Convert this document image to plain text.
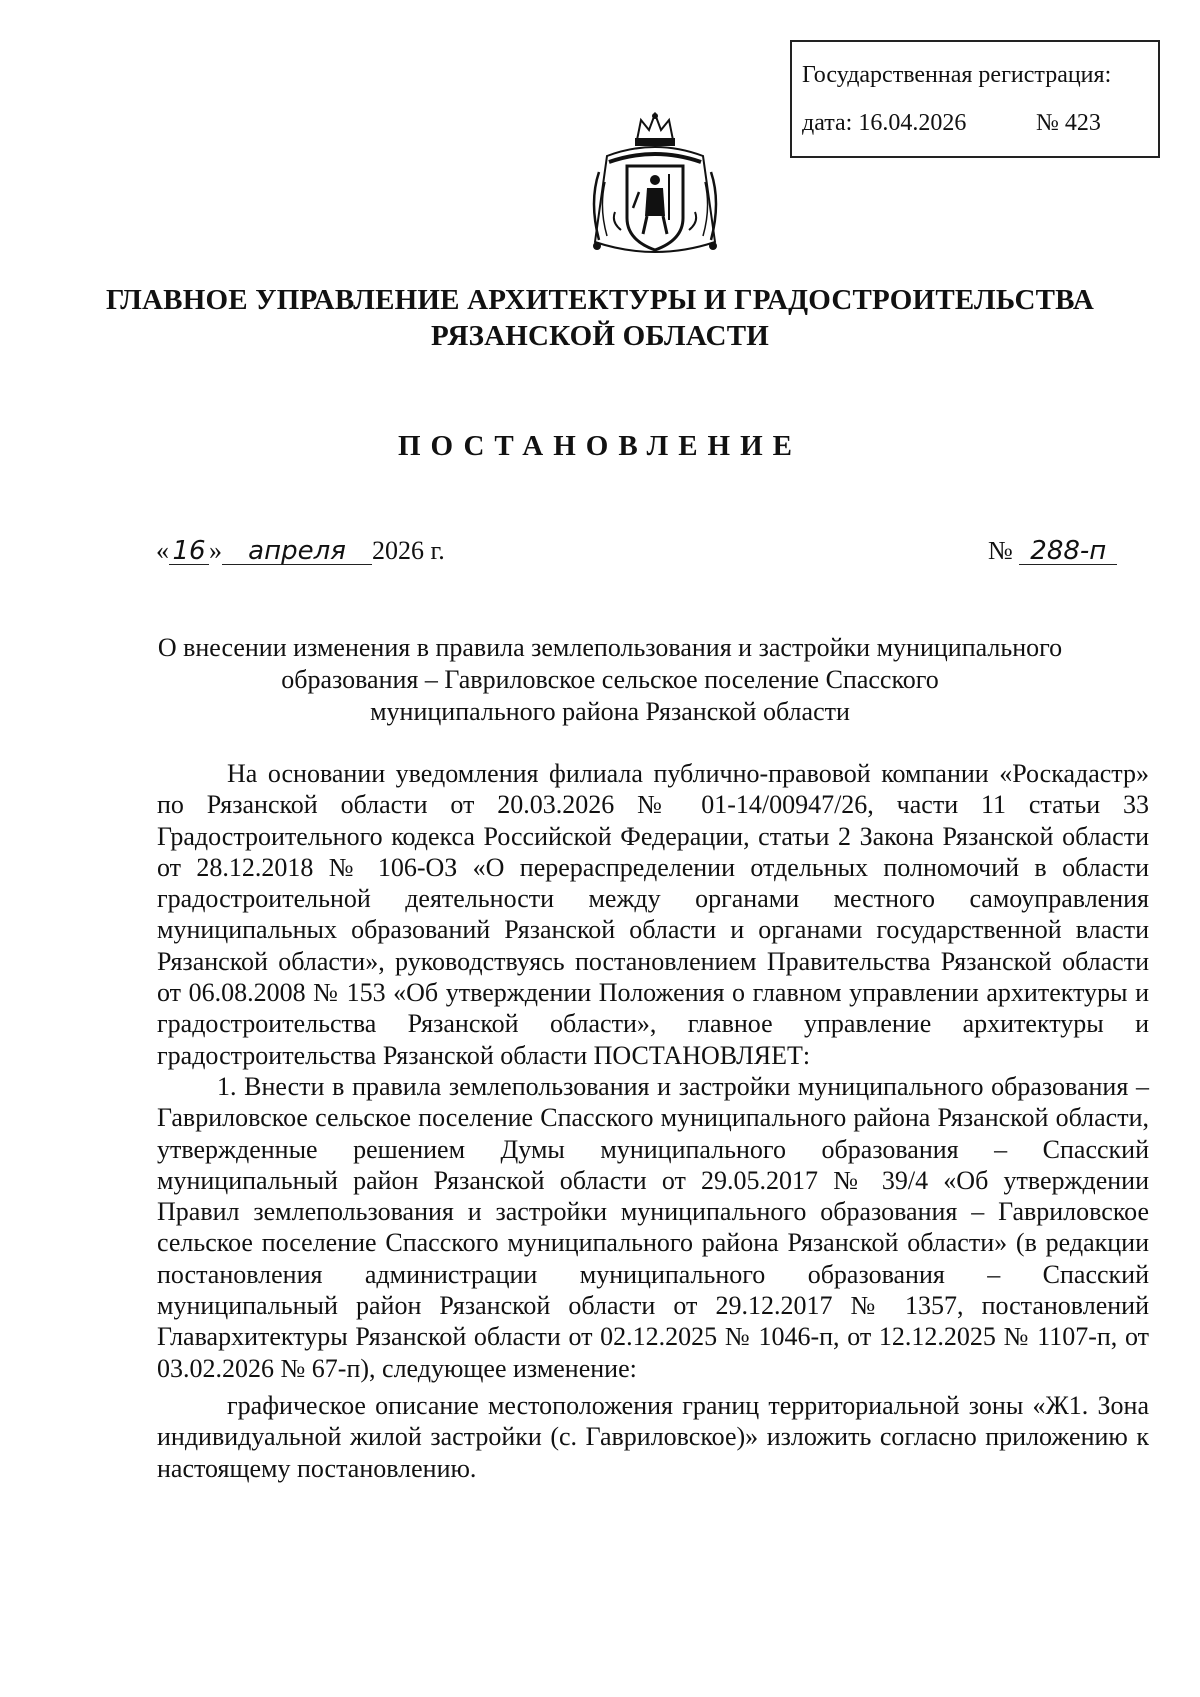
Государственная регистрация:
дата: 16.04.2026	№ 423
ГЛАВНОЕ УПРАВЛЕНИЕ АРХИТЕКТУРЫ И ГРАДОСТРОИТЕЛЬСТВА
РЯЗАНСКОЙ ОБЛАСТИ
ПОСТАНОВЛЕНИЕ
« 16 » апреля 2026 г.	№ 288-п
О внесении изменения в правила землепользования и застройки муниципального
образования – Гавриловское сельское поселение Спасского
муниципального района Рязанской области

На основании уведомления филиала публично-правовой компании «Роскадастр» по Рязанской области от 20.03.2026 № 01-14/00947/26, части 11 статьи 33 Градостроительного кодекса Российской Федерации, статьи 2 Закона Рязанской области от 28.12.2018 № 106-ОЗ «О перераспределении отдельных полномочий в области градостроительной деятельности между органами местного самоуправления муниципальных образований Рязанской области и органами государственной власти Рязанской области», руководствуясь постановлением Правительства Рязанской области от 06.08.2008 № 153 «Об утверждении Положения о главном управлении архитектуры и градостроительства Рязанской области», главное управление архитектуры и градостроительства Рязанской области ПОСТАНОВЛЯЕТ:

1. Внести в правила землепользования и застройки муниципального образования – Гавриловское сельское поселение Спасского муниципального района Рязанской области, утвержденные решением Думы муниципального образования – Спасский муниципальный район Рязанской области от 29.05.2017 № 39/4 «Об утверждении Правил землепользования и застройки муниципального образования – Гавриловское сельское поселение Спасского муниципального района Рязанской области» (в редакции постановления администрации муниципального образования – Спасский муниципальный район Рязанской области от 29.12.2017 № 1357, постановлений Главархитектуры Рязанской области от 02.12.2025 № 1046-п, от 12.12.2025 № 1107-п, от 03.02.2026 № 67-п), следующее изменение:

графическое описание местоположения границ территориальной зоны «Ж1. Зона индивидуальной жилой застройки (с. Гавриловское)» изложить согласно приложению к настоящему постановлению.
